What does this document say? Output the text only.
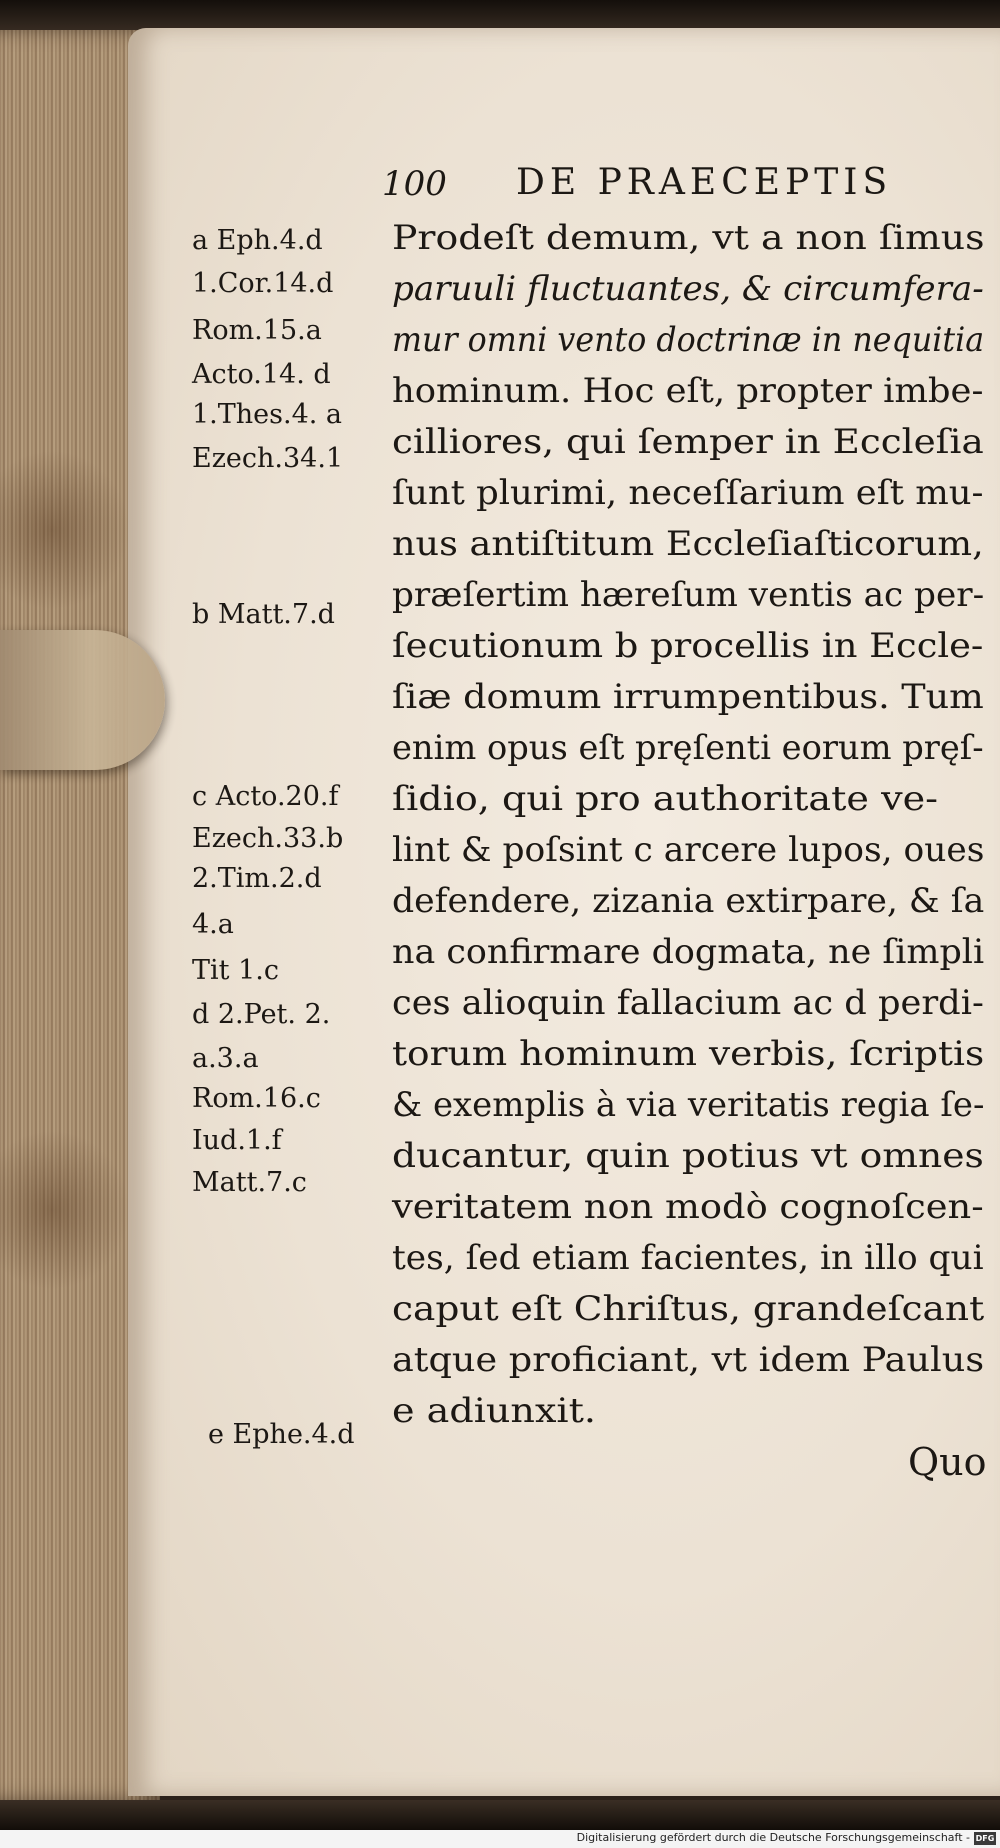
100 DE PRAECEPTIS
a Eph.4.d
1.Cor.14.d
Rom.15.a
Acto.14. d
1.Thes.4. a
Ezech.34.1
b Matt.7.d
c Acto.20.f
Ezech.33.b
2.Tim.2.d
4.a
Tit 1.c
d 2.Pet. 2.
a.3.a
Rom.16.c
Iud.1.f
Matt.7.c
e Ephe.4.d
Prodeſt demum, vt a non ſimus
paruuli fluctuantes, & circumfera-
mur omni vento doctrinæ in nequitia
hominum. Hoc eſt, propter imbe-
cilliores, qui ſemper in Eccleſia
ſunt plurimi, neceſſarium eſt mu-
nus antiſtitum Eccleſiaſticorum,
præſertim hæreſum ventis ac per-
ſecutionum b procellis in Eccle-
ſiæ domum irrumpentibus. Tum
enim opus eſt pręſenti eorum pręſ-
ſidio, qui pro authoritate ve-
lint & poſsint c arcere lupos, oues
defendere, zizania extirpare, & ſa
na confirmare dogmata, ne ſimpli
ces alioquin fallacium ac d perdi-
torum hominum verbis, ſcriptis
& exemplis à via veritatis regia ſe-
ducantur, quin potius vt omnes
veritatem non modò cognoſcen-
tes, ſed etiam facientes, in illo qui
caput eſt Chriſtus, grandeſcant
atque proficiant, vt idem Paulus
e adiunxit.
Quo
Digitalisierung gefördert durch die Deutsche Forschungsgemeinschaft - DFG
